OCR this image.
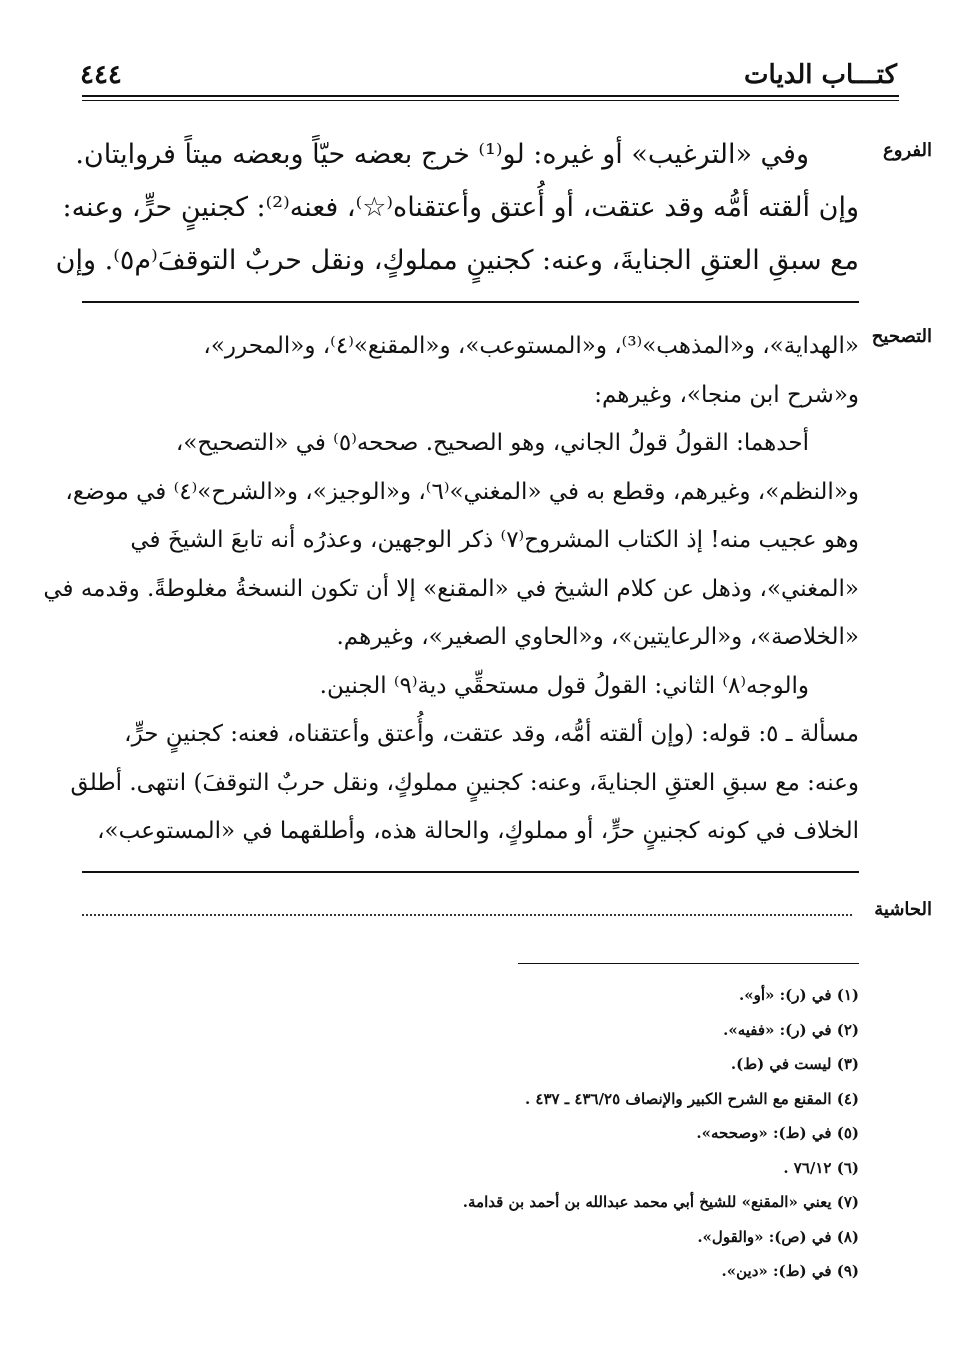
كتـــاب الديات
٤٤٤
الفروع
وفي «الترغيب» أو غيره: لو⁽¹⁾ خرج بعضه حيّاً وبعضه ميتاً فروايتان.
وإن ألقته أمُّه وقد عتقت، أو أُعتق وأعتقناه⁽☆⁾، فعنه⁽²⁾: كجنينٍ حرٍّ، وعنه:
مع سبقِ العتقِ الجنايةَ، وعنه: كجنينٍ مملوكٍ، ونقل حربٌ التوقفَ⁽م٥⁾. وإن
التصحيح
«الهداية»، و«المذهب»⁽³⁾، و«المستوعب»، و«المقنع»⁽٤⁾، و«المحرر»،
و«شرح ابن منجا»، وغيرهم:
أحدهما: القولُ قولُ الجاني، وهو الصحيح. صححه⁽٥⁾ في «التصحيح»،
و«النظم»، وغيرهم، وقطع به في «المغني»⁽٦⁾، و«الوجيز»، و«الشرح»⁽٤⁾ في موضع،
وهو عجيب منه! إذ الكتاب المشروح⁽٧⁾ ذكر الوجهين، وعذرُه أنه تابعَ الشيخَ في
«المغني»، وذهل عن كلام الشيخ في «المقنع» إلا أن تكون النسخةُ مغلوطةً. وقدمه في
«الخلاصة»، و«الرعايتين»، و«الحاوي الصغير»، وغيرهم.
والوجه⁽٨⁾ الثاني: القولُ قول مستحقِّي دية⁽٩⁾ الجنين.
مسألة ـ ٥: قوله: (وإن ألقته أمُّه، وقد عتقت، وأُعتق وأعتقناه، فعنه: كجنينٍ حرٍّ،
وعنه: مع سبقِ العتقِ الجنايةَ، وعنه: كجنينٍ مملوكٍ، ونقل حربٌ التوقفَ) انتهى. أطلق
الخلاف في كونه كجنينٍ حرٍّ، أو مملوكٍ، والحالة هذه، وأطلقهما في «المستوعب»،
الحاشية
(١) في (ر): «أو».
(٢) في (ر): «ففيه».
(٣) ليست في (ط).
(٤) المقنع مع الشرح الكبير والإنصاف ٤٣٦/٢٥ ـ ٤٣٧ .
(٥) في (ط): «وصححه».
(٦) ٧٦/١٢ .
(٧) يعني «المقنع» للشيخ أبي محمد عبدالله بن أحمد بن قدامة.
(٨) في (ص): «والقول».
(٩) في (ط): «دين».
